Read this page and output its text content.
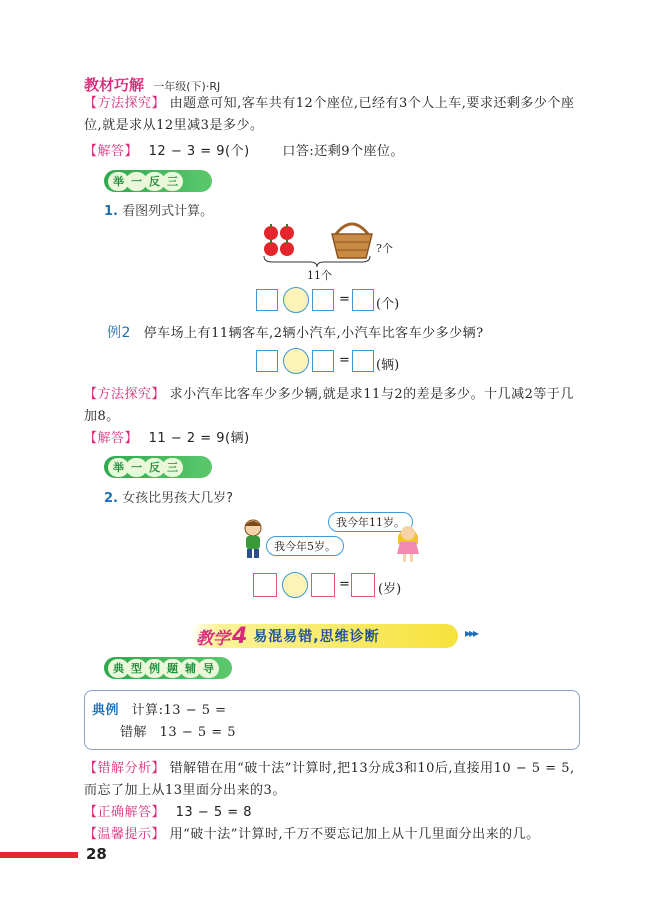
教材巧解 一年级(下)·RJ
【方法探究】 由题意可知,客车共有12个座位,已经有3个人上车,要求还剩多少个座位,就是求从12里减3是多少。
【解答】 12 − 3 = 9(个)	口答:还剩9个座位。
举 一 反 三
1. 看图列式计算。
?个
11个
= (个)
例2 停车场上有11辆客车,2辆小汽车,小汽车比客车少多少辆?
= (辆)
【方法探究】 求小汽车比客车少多少辆,就是求11与2的差是多少。十几减2等于几加8。
【解答】 11 − 2 = 9(辆)
举 一 反 三
2. 女孩比男孩大几岁?
我今年5岁。
我今年11岁。
= (岁)
教学 4 易混易错,思维诊断	▸▸▸
典 型 例 题 辅 导
典例 计算:13 − 5 =
错解 13 − 5 = 5
【错解分析】 错解错在用“破十法”计算时,把13分成3和10后,直接用10 − 5 = 5,而忘了加上从13里面分出来的3。
【正确解答】 13 − 5 = 8
【温馨提示】 用“破十法”计算时,千万不要忘记加上从十几里面分出来的几。
28
